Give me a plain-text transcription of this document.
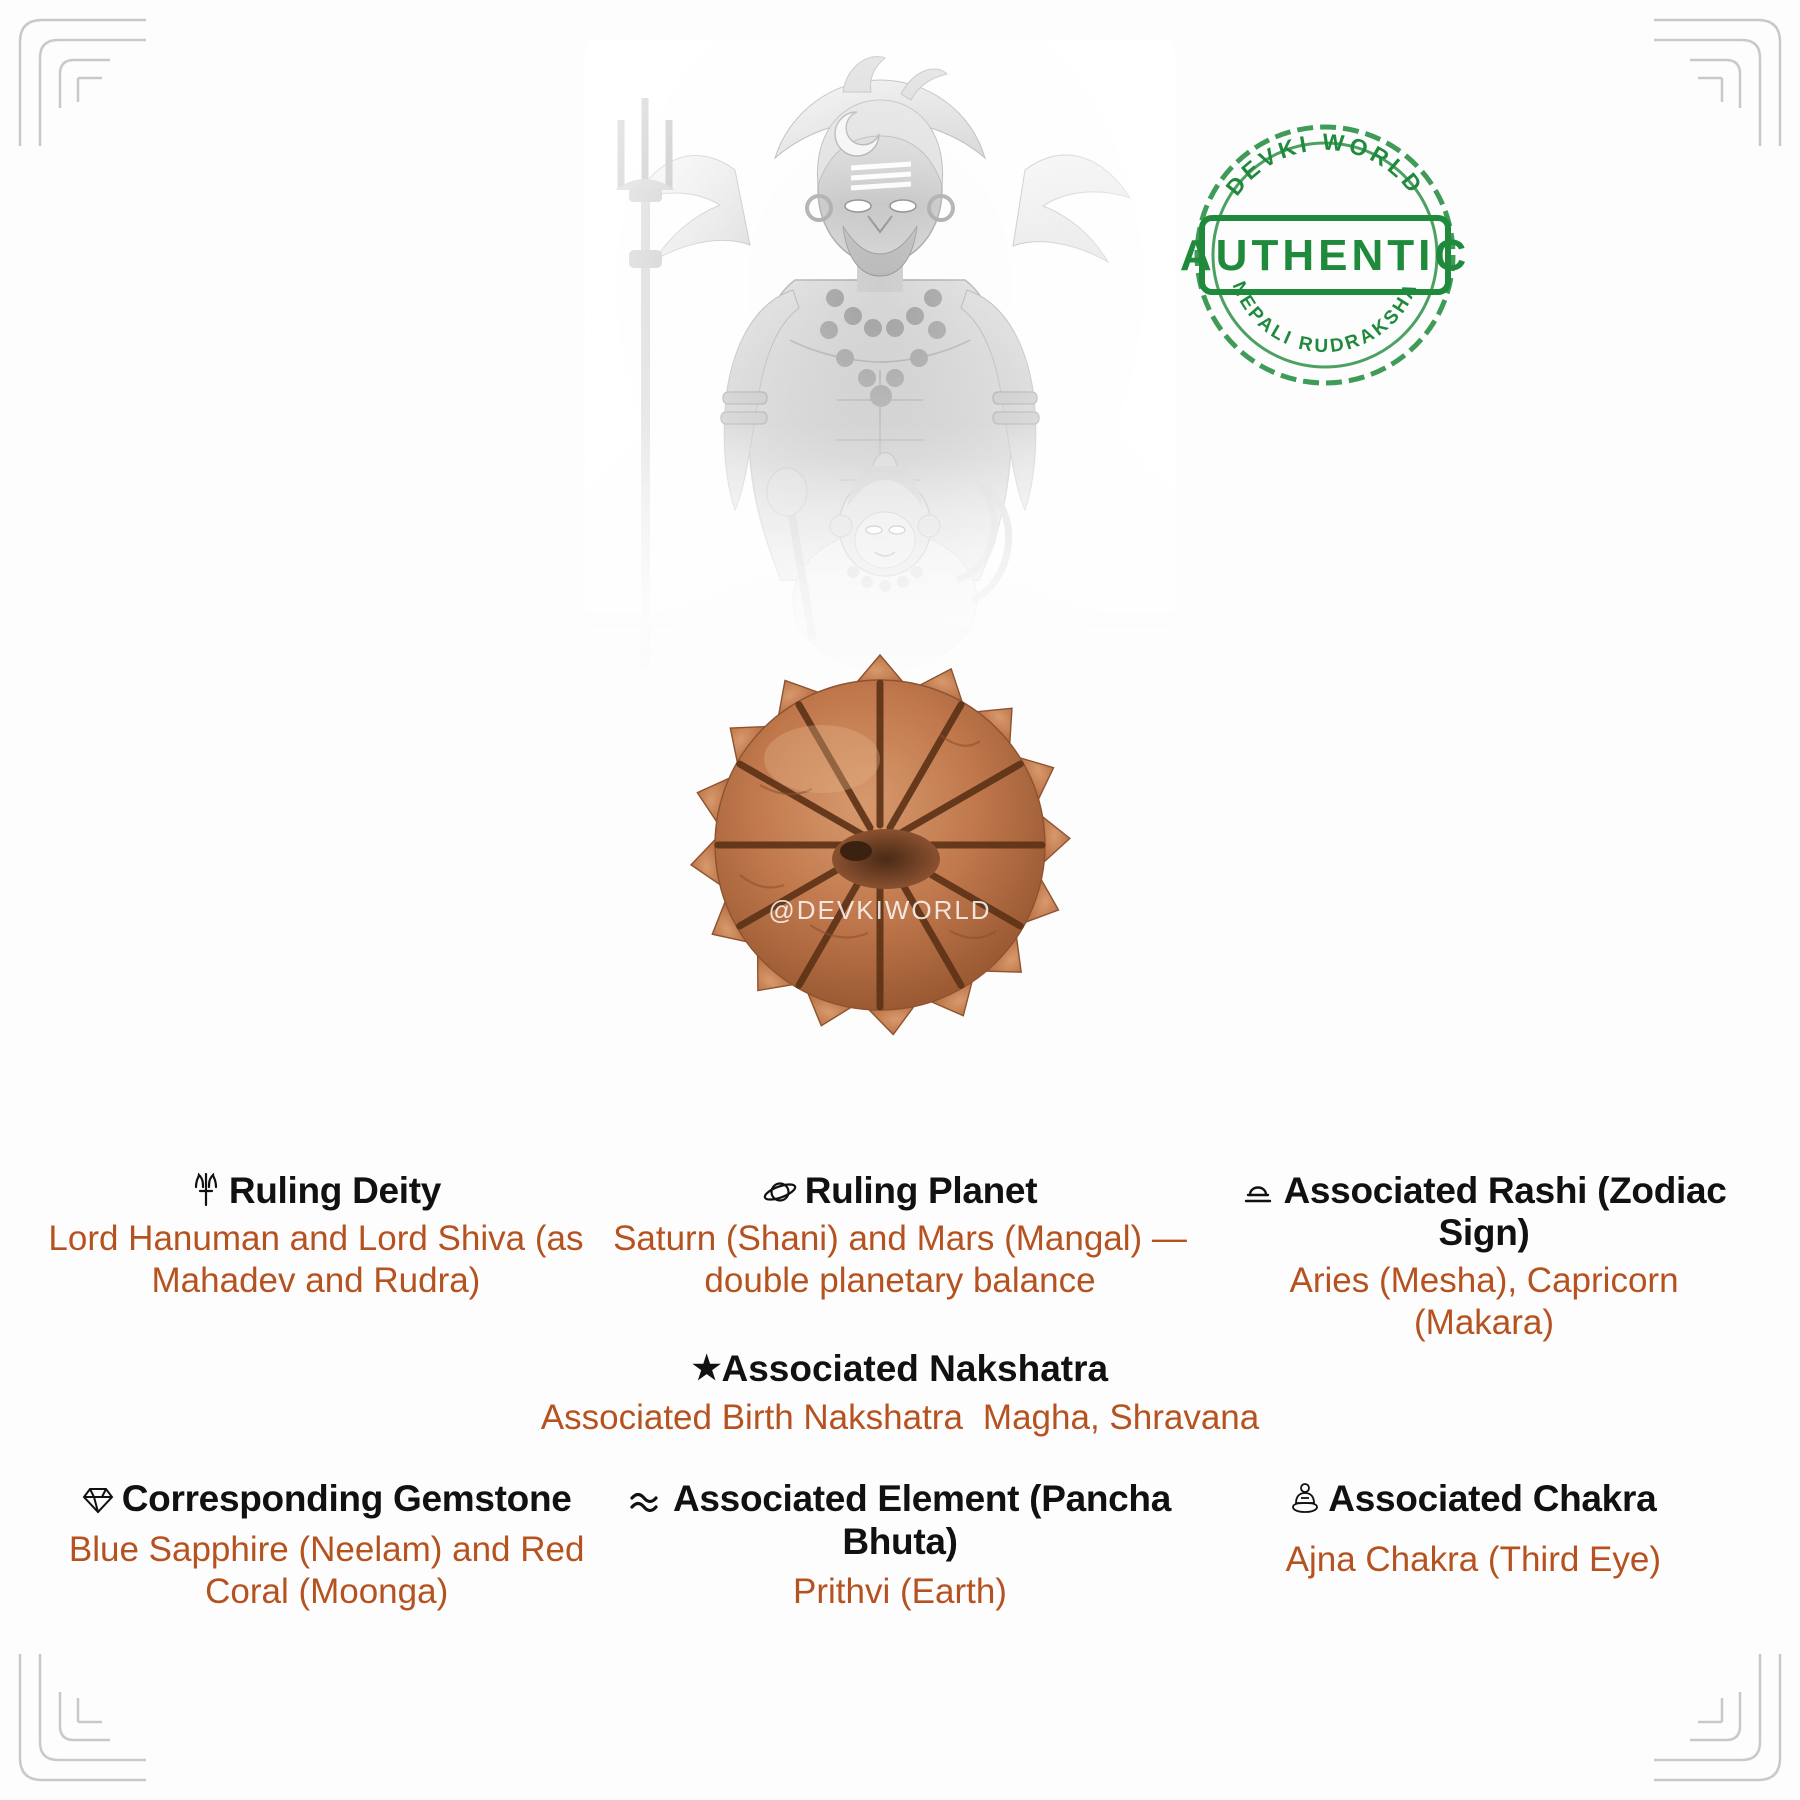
DEVKI WORLD
NEPALI RUDRAKSHA
AUTHENTIC
@DEVKIWORLD
Ruling Deity
Lord Hanuman and Lord Shiva (as Mahadev and Rudra)
Ruling Planet
Saturn (Shani) and Mars (Mangal) — double planetary balance
Associated Rashi (Zodiac Sign)
Aries (Mesha), Capricorn (Makara)
★Associated Nakshatra
Associated Birth Nakshatra Magha, Shravana
Corresponding Gemstone
Blue Sapphire (Neelam) and Red Coral (Moonga)
Associated Element (Pancha Bhuta)
Prithvi (Earth)
Associated Chakra
Ajna Chakra (Third Eye)
